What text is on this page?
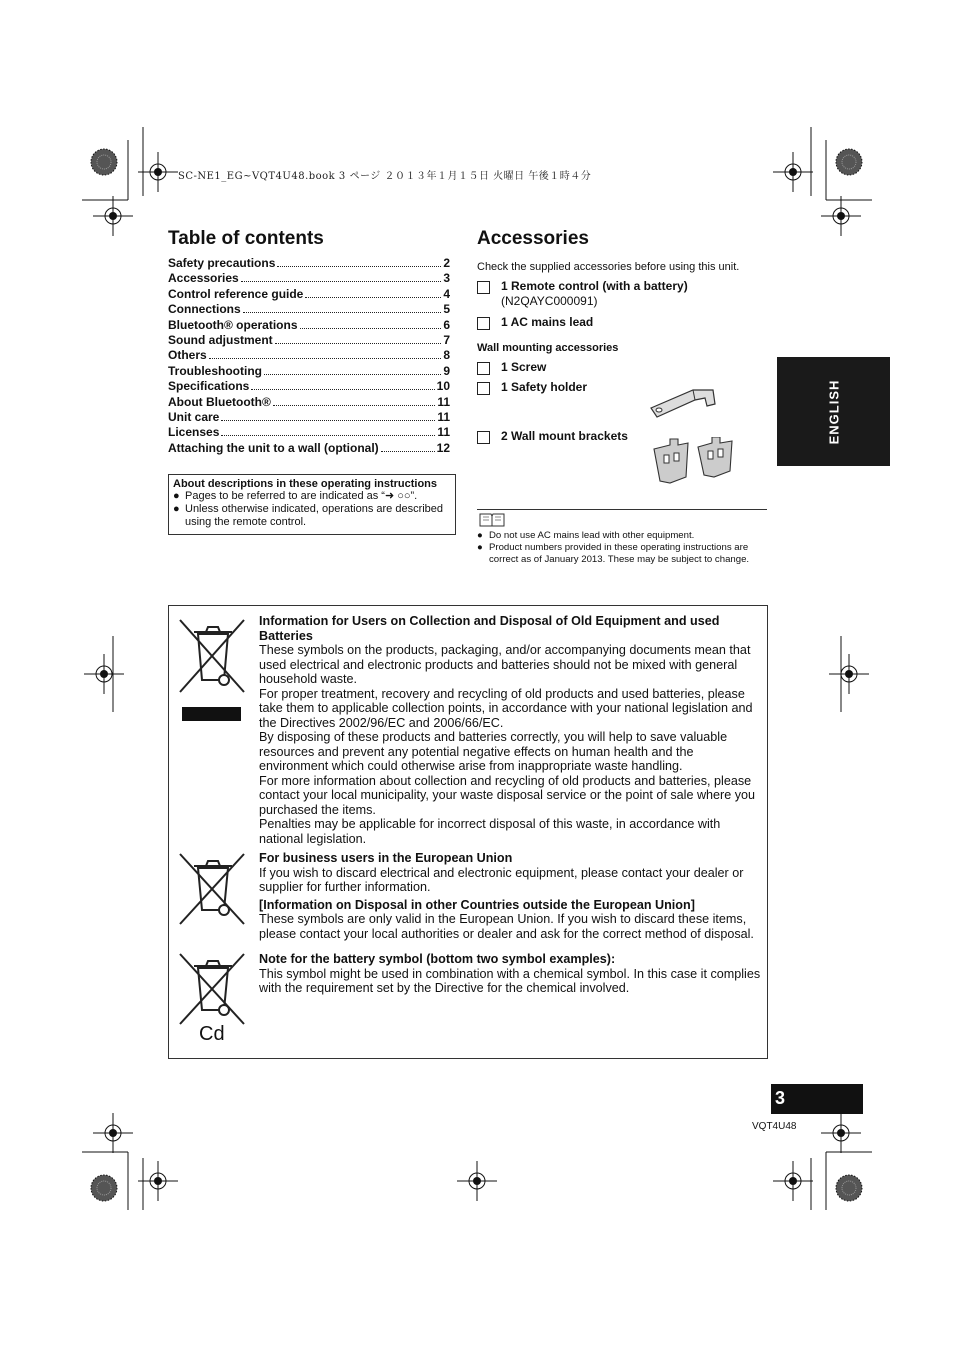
SC-NE1_EG~VQT4U48.book 3 ページ ２０１３年１月１５日 火曜日 午後１時４分
Table of contents
Safety precautions	2
Accessories	3
Control reference guide	4
Connections	5
Bluetooth® operations	6
Sound adjustment	7
Others	8
Troubleshooting	9
Specifications	10
About Bluetooth®	11
Unit care	11
Licenses	11
Attaching the unit to a wall (optional)	12
About descriptions in these operating instructions
● Pages to be referred to are indicated as “➜ ○○”.
● Unless otherwise indicated, operations are described using the remote control.
Accessories
Check the supplied accessories before using this unit.
1 Remote control (with a battery)
(N2QAYC000091)
1 AC mains lead
Wall mounting accessories
1 Screw
1 Safety holder
2 Wall mount brackets
● Do not use AC mains lead with other equipment.
● Product numbers provided in these operating instructions are correct as of January 2013. These may be subject to change.
ENGLISH
Cd
Information for Users on Collection and Disposal of Old Equipment and used Batteries
These symbols on the products, packaging, and/or accompanying documents mean that used electrical and electronic products and batteries should not be mixed with general household waste.
For proper treatment, recovery and recycling of old products and used batteries, please take them to applicable collection points, in accordance with your national legislation and the Directives 2002/96/EC and 2006/66/EC.
By disposing of these products and batteries correctly, you will help to save valuable resources and prevent any potential negative effects on human health and the environment which could otherwise arise from inappropriate waste handling.
For more information about collection and recycling of old products and batteries, please contact your local municipality, your waste disposal service or the point of sale where you purchased the items.
Penalties may be applicable for incorrect disposal of this waste, in accordance with national legislation.
For business users in the European Union
If you wish to discard electrical and electronic equipment, please contact your dealer or supplier for further information.
[Information on Disposal in other Countries outside the European Union]
These symbols are only valid in the European Union. If you wish to discard these items, please contact your local authorities or dealer and ask for the correct method of disposal.
Note for the battery symbol (bottom two symbol examples):
This symbol might be used in combination with a chemical symbol. In this case it complies with the requirement set by the Directive for the chemical involved.
3
VQT4U48
